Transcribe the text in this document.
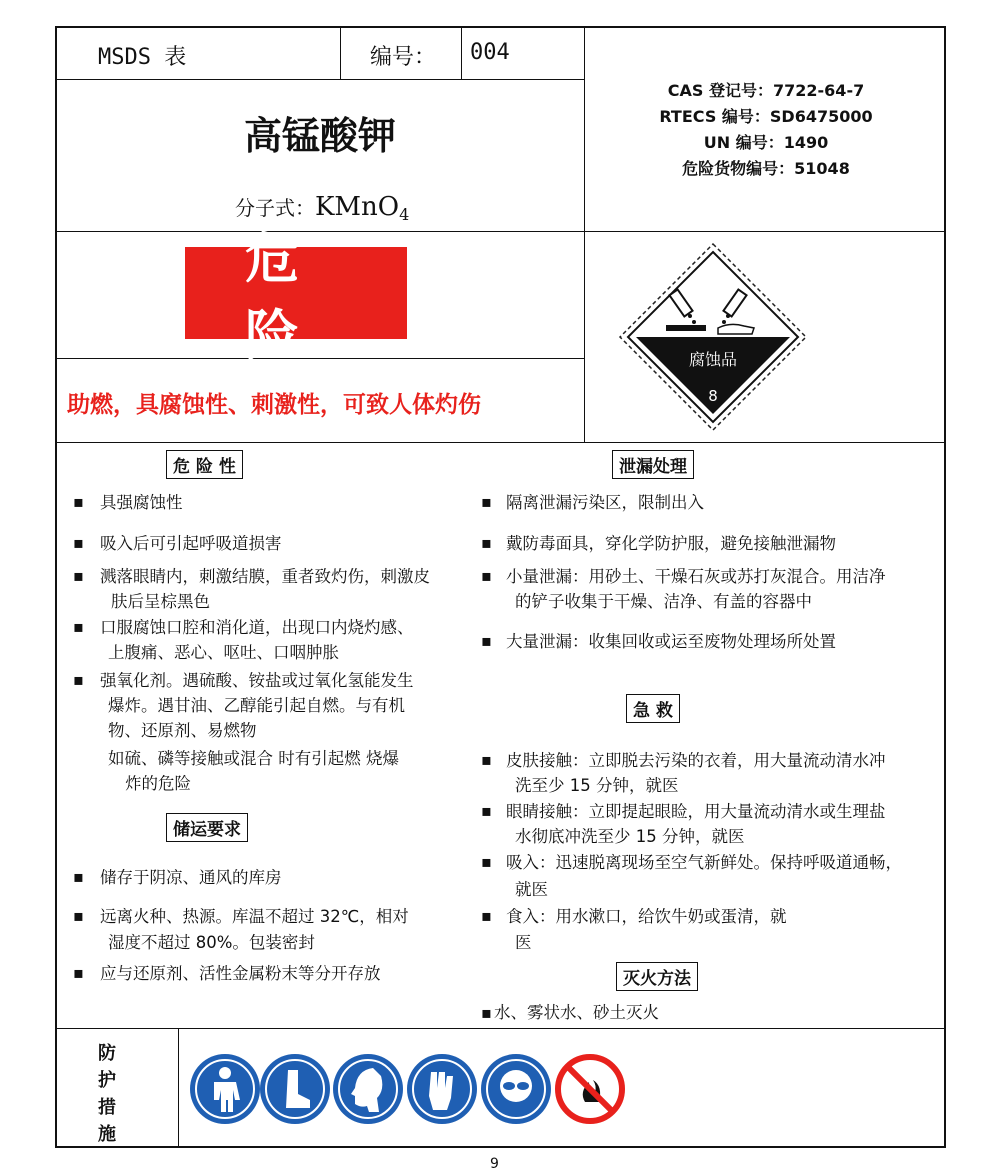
MSDS 表	编号： 004
CAS 登记号：7722-64-7
RTECS 编号：SD6475000
UN 编号：1490
危险货物编号：51048
高锰酸钾
分子式：KMnO$_4$
危 险
助燃，具腐蚀性、刺激性，可致人体灼伤
腐蚀品
8
危 险 性
▪ 具强腐蚀性
▪ 吸入后可引起呼吸道损害
▪ 溅落眼睛内，刺激结膜，重者致灼伤，刺激皮
肤后呈棕黑色
▪ 口服腐蚀口腔和消化道，出现口内烧灼感、
上腹痛、恶心、呕吐、口咽肿胀
▪ 强氧化剂。遇硫酸、铵盐或过氧化氢能发生
爆炸。遇甘油、乙醇能引起自燃。与有机
物、还原剂、易燃物
如硫、磷等接触或混合 时有引起燃 烧爆
炸的危险
储运要求
▪ 储存于阴凉、通风的库房
▪ 远离火种、热源。库温不超过 32℃，相对
湿度不超过 80%。包装密封
▪ 应与还原剂、活性金属粉末等分开存放
泄漏处理
▪ 隔离泄漏污染区，限制出入
▪ 戴防毒面具，穿化学防护服，避免接触泄漏物
▪ 小量泄漏：用砂土、干燥石灰或苏打灰混合。用洁净
的铲子收集于干燥、洁净、有盖的容器中
▪ 大量泄漏：收集回收或运至废物处理场所处置
急 救
▪ 皮肤接触：立即脱去污染的衣着，用大量流动清水冲
洗至少 15 分钟，就医
▪ 眼睛接触：立即提起眼睑，用大量流动清水或生理盐
水彻底冲洗至少 15 分钟，就医
▪ 吸入：迅速脱离现场至空气新鲜处。保持呼吸道通畅，
就医
▪ 食入：用水漱口，给饮牛奶或蛋清，就
医
灭火方法
▪ 水、雾状水、砂土灭火
防
护
措
施
9
